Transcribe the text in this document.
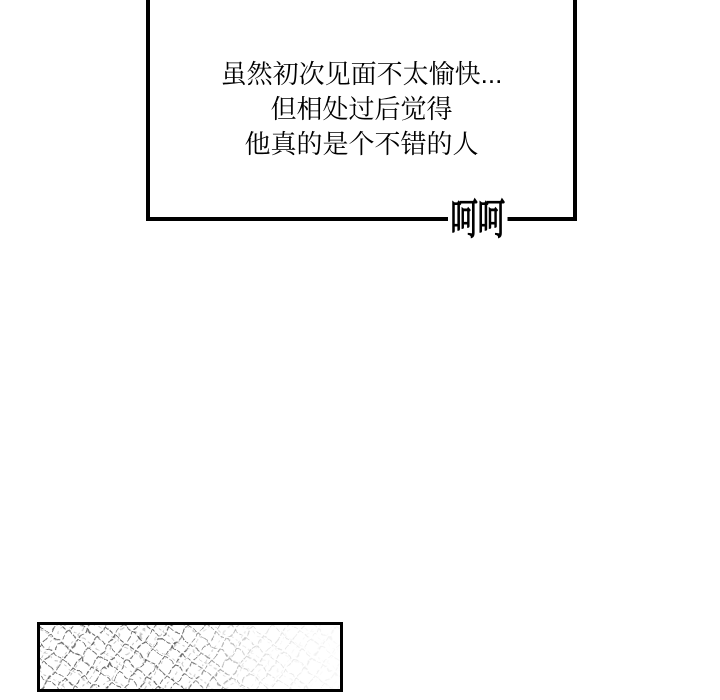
虽然初次见面不太愉快...
但相处过后觉得
他真的是个不错的人
呵呵
